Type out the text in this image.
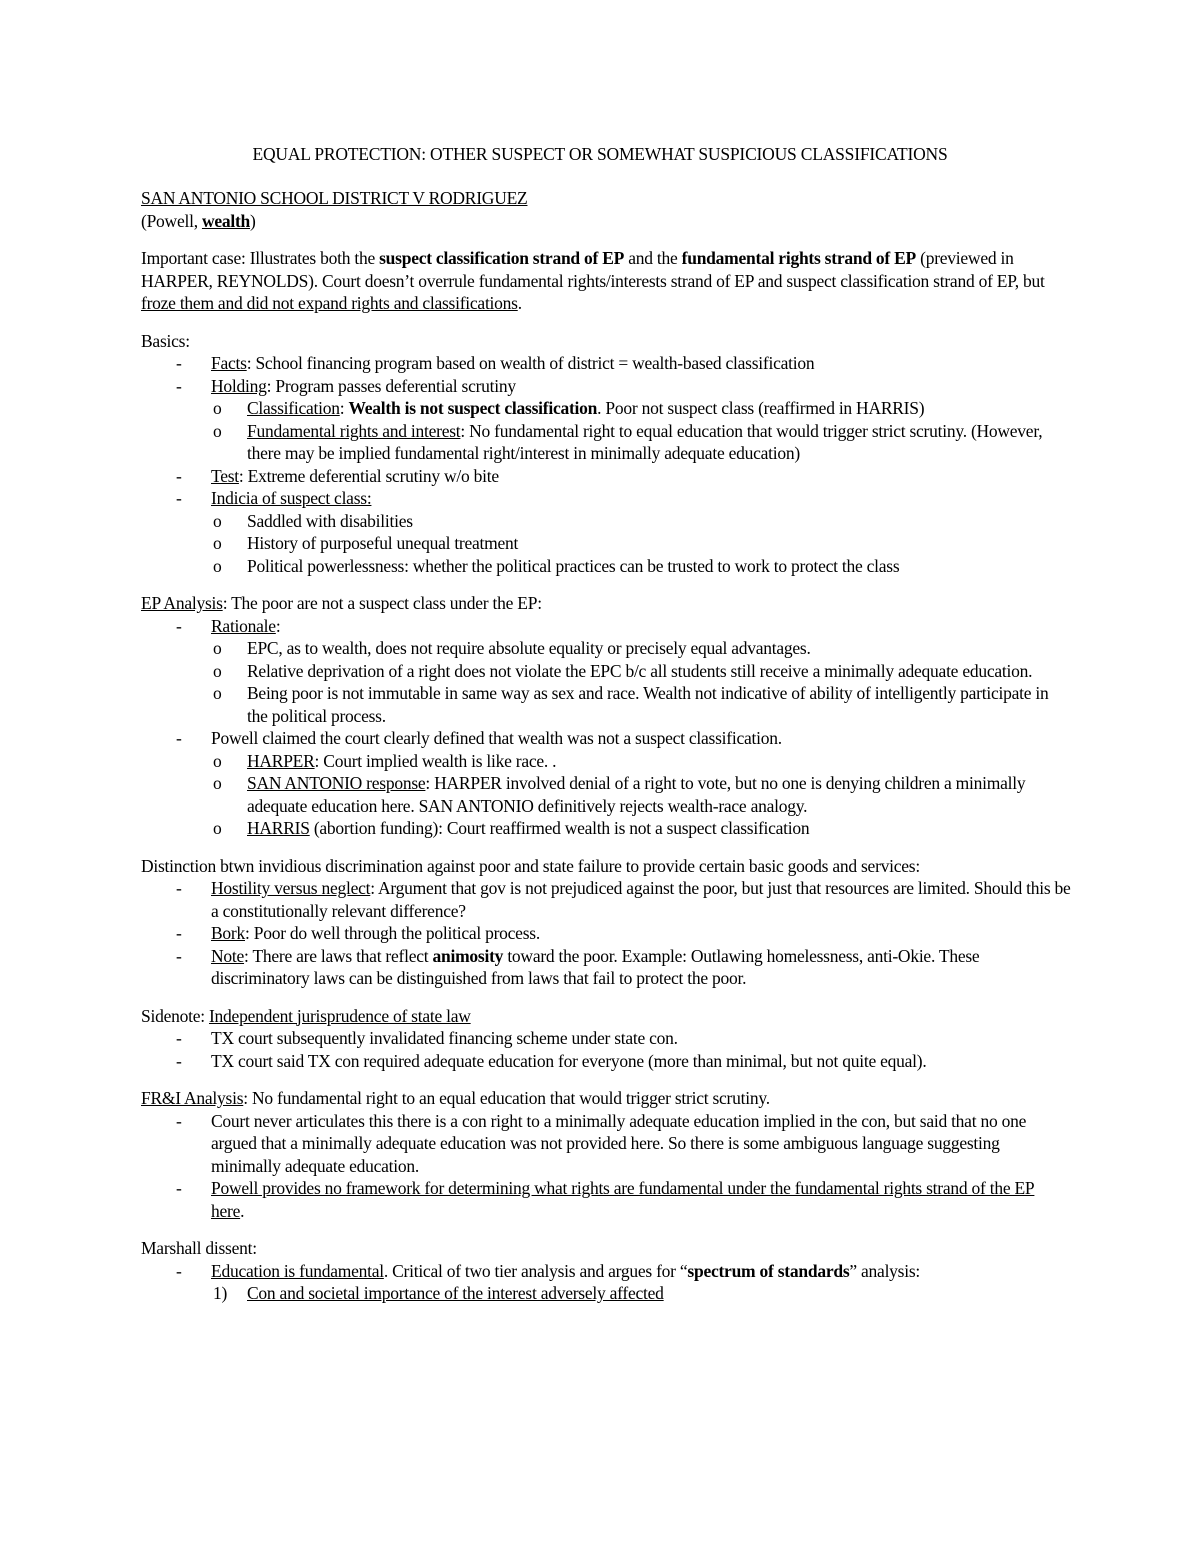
EQUAL PROTECTION: OTHER SUSPECT OR SOMEWHAT SUSPICIOUS CLASSIFICATIONS

SAN ANTONIO SCHOOL DISTRICT V RODRIGUEZ

(Powell, wealth)

Important case: Illustrates both the suspect classification strand of EP and the fundamental rights strand of EP (previewed in HARPER, REYNOLDS). Court doesn’t overrule fundamental rights/interests strand of EP and suspect classification strand of EP, but froze them and did not expand rights and classifications.

Basics:

- Facts: School financing program based on wealth of district = wealth-based classification
- Holding: Program passes deferential scrutiny
o Classification: Wealth is not suspect classification. Poor not suspect class (reaffirmed in HARRIS)
o Fundamental rights and interest: No fundamental right to equal education that would trigger strict scrutiny. (However, there may be implied fundamental right/interest in minimally adequate education)
- Test: Extreme deferential scrutiny w/o bite
- Indicia of suspect class:
o Saddled with disabilities
o History of purposeful unequal treatment
o Political powerlessness: whether the political practices can be trusted to work to protect the class

EP Analysis: The poor are not a suspect class under the EP:

- Rationale:
o EPC, as to wealth, does not require absolute equality or precisely equal advantages.
o Relative deprivation of a right does not violate the EPC b/c all students still receive a minimally adequate education.
o Being poor is not immutable in same way as sex and race. Wealth not indicative of ability of intelligently participate in the political process.
- Powell claimed the court clearly defined that wealth was not a suspect classification.
o HARPER: Court implied wealth is like race. .
o SAN ANTONIO response: HARPER involved denial of a right to vote, but no one is denying children a minimally adequate education here. SAN ANTONIO definitively rejects wealth-race analogy.
o HARRIS (abortion funding): Court reaffirmed wealth is not a suspect classification

Distinction btwn invidious discrimination against poor and state failure to provide certain basic goods and services:

- Hostility versus neglect: Argument that gov is not prejudiced against the poor, but just that resources are limited. Should this be a constitutionally relevant difference?
- Bork: Poor do well through the political process.
- Note: There are laws that reflect animosity toward the poor. Example: Outlawing homelessness, anti-Okie. These discriminatory laws can be distinguished from laws that fail to protect the poor.

Sidenote: Independent jurisprudence of state law

- TX court subsequently invalidated financing scheme under state con.
- TX court said TX con required adequate education for everyone (more than minimal, but not quite equal).

FR&I Analysis: No fundamental right to an equal education that would trigger strict scrutiny.

- Court never articulates this there is a con right to a minimally adequate education implied in the con, but said that no one argued that a minimally adequate education was not provided here. So there is some ambiguous language suggesting minimally adequate education.
- Powell provides no framework for determining what rights are fundamental under the fundamental rights strand of the EP here.

Marshall dissent:

- Education is fundamental. Critical of two tier analysis and argues for “spectrum of standards” analysis:
1) Con and societal importance of the interest adversely affected
